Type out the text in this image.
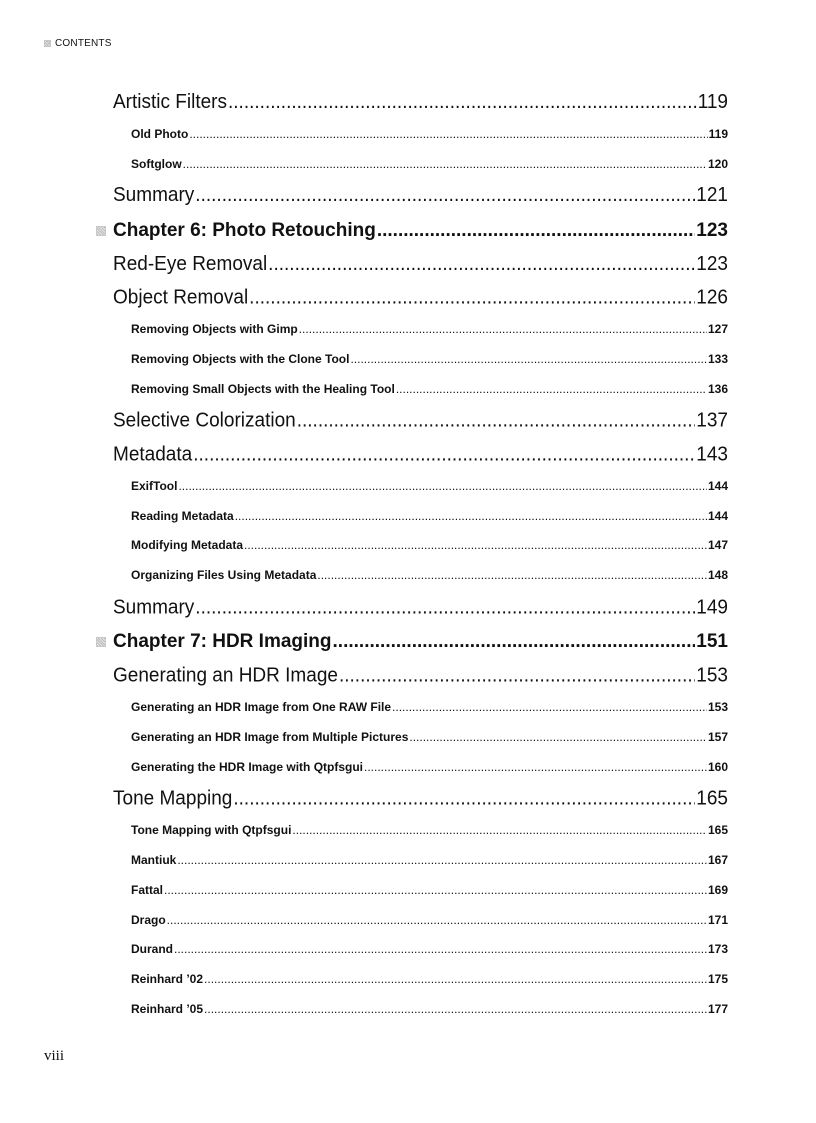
CONTENTS
Artistic Filters .....	119
Old Photo .....	119
Softglow .....	120
Summary .....	121
Chapter 6: Photo Retouching .....	123
Red-Eye Removal .....	123
Object Removal .....	126
Removing Objects with Gimp .....	127
Removing Objects with the Clone Tool .....	133
Removing Small Objects with the Healing Tool .....	136
Selective Colorization .....	137
Metadata .....	143
ExifTool .....	144
Reading Metadata .....	144
Modifying Metadata .....	147
Organizing Files Using Metadata .....	148
Summary .....	149
Chapter 7: HDR Imaging .....	151
Generating an HDR Image .....	153
Generating an HDR Image from One RAW File .....	153
Generating an HDR Image from Multiple Pictures .....	157
Generating the HDR Image with Qtpfsgui .....	160
Tone Mapping .....	165
Tone Mapping with Qtpfsgui .....	165
Mantiuk .....	167
Fattal .....	169
Drago .....	171
Durand .....	173
Reinhard ’02 .....	175
Reinhard ’05 .....	177
viii
